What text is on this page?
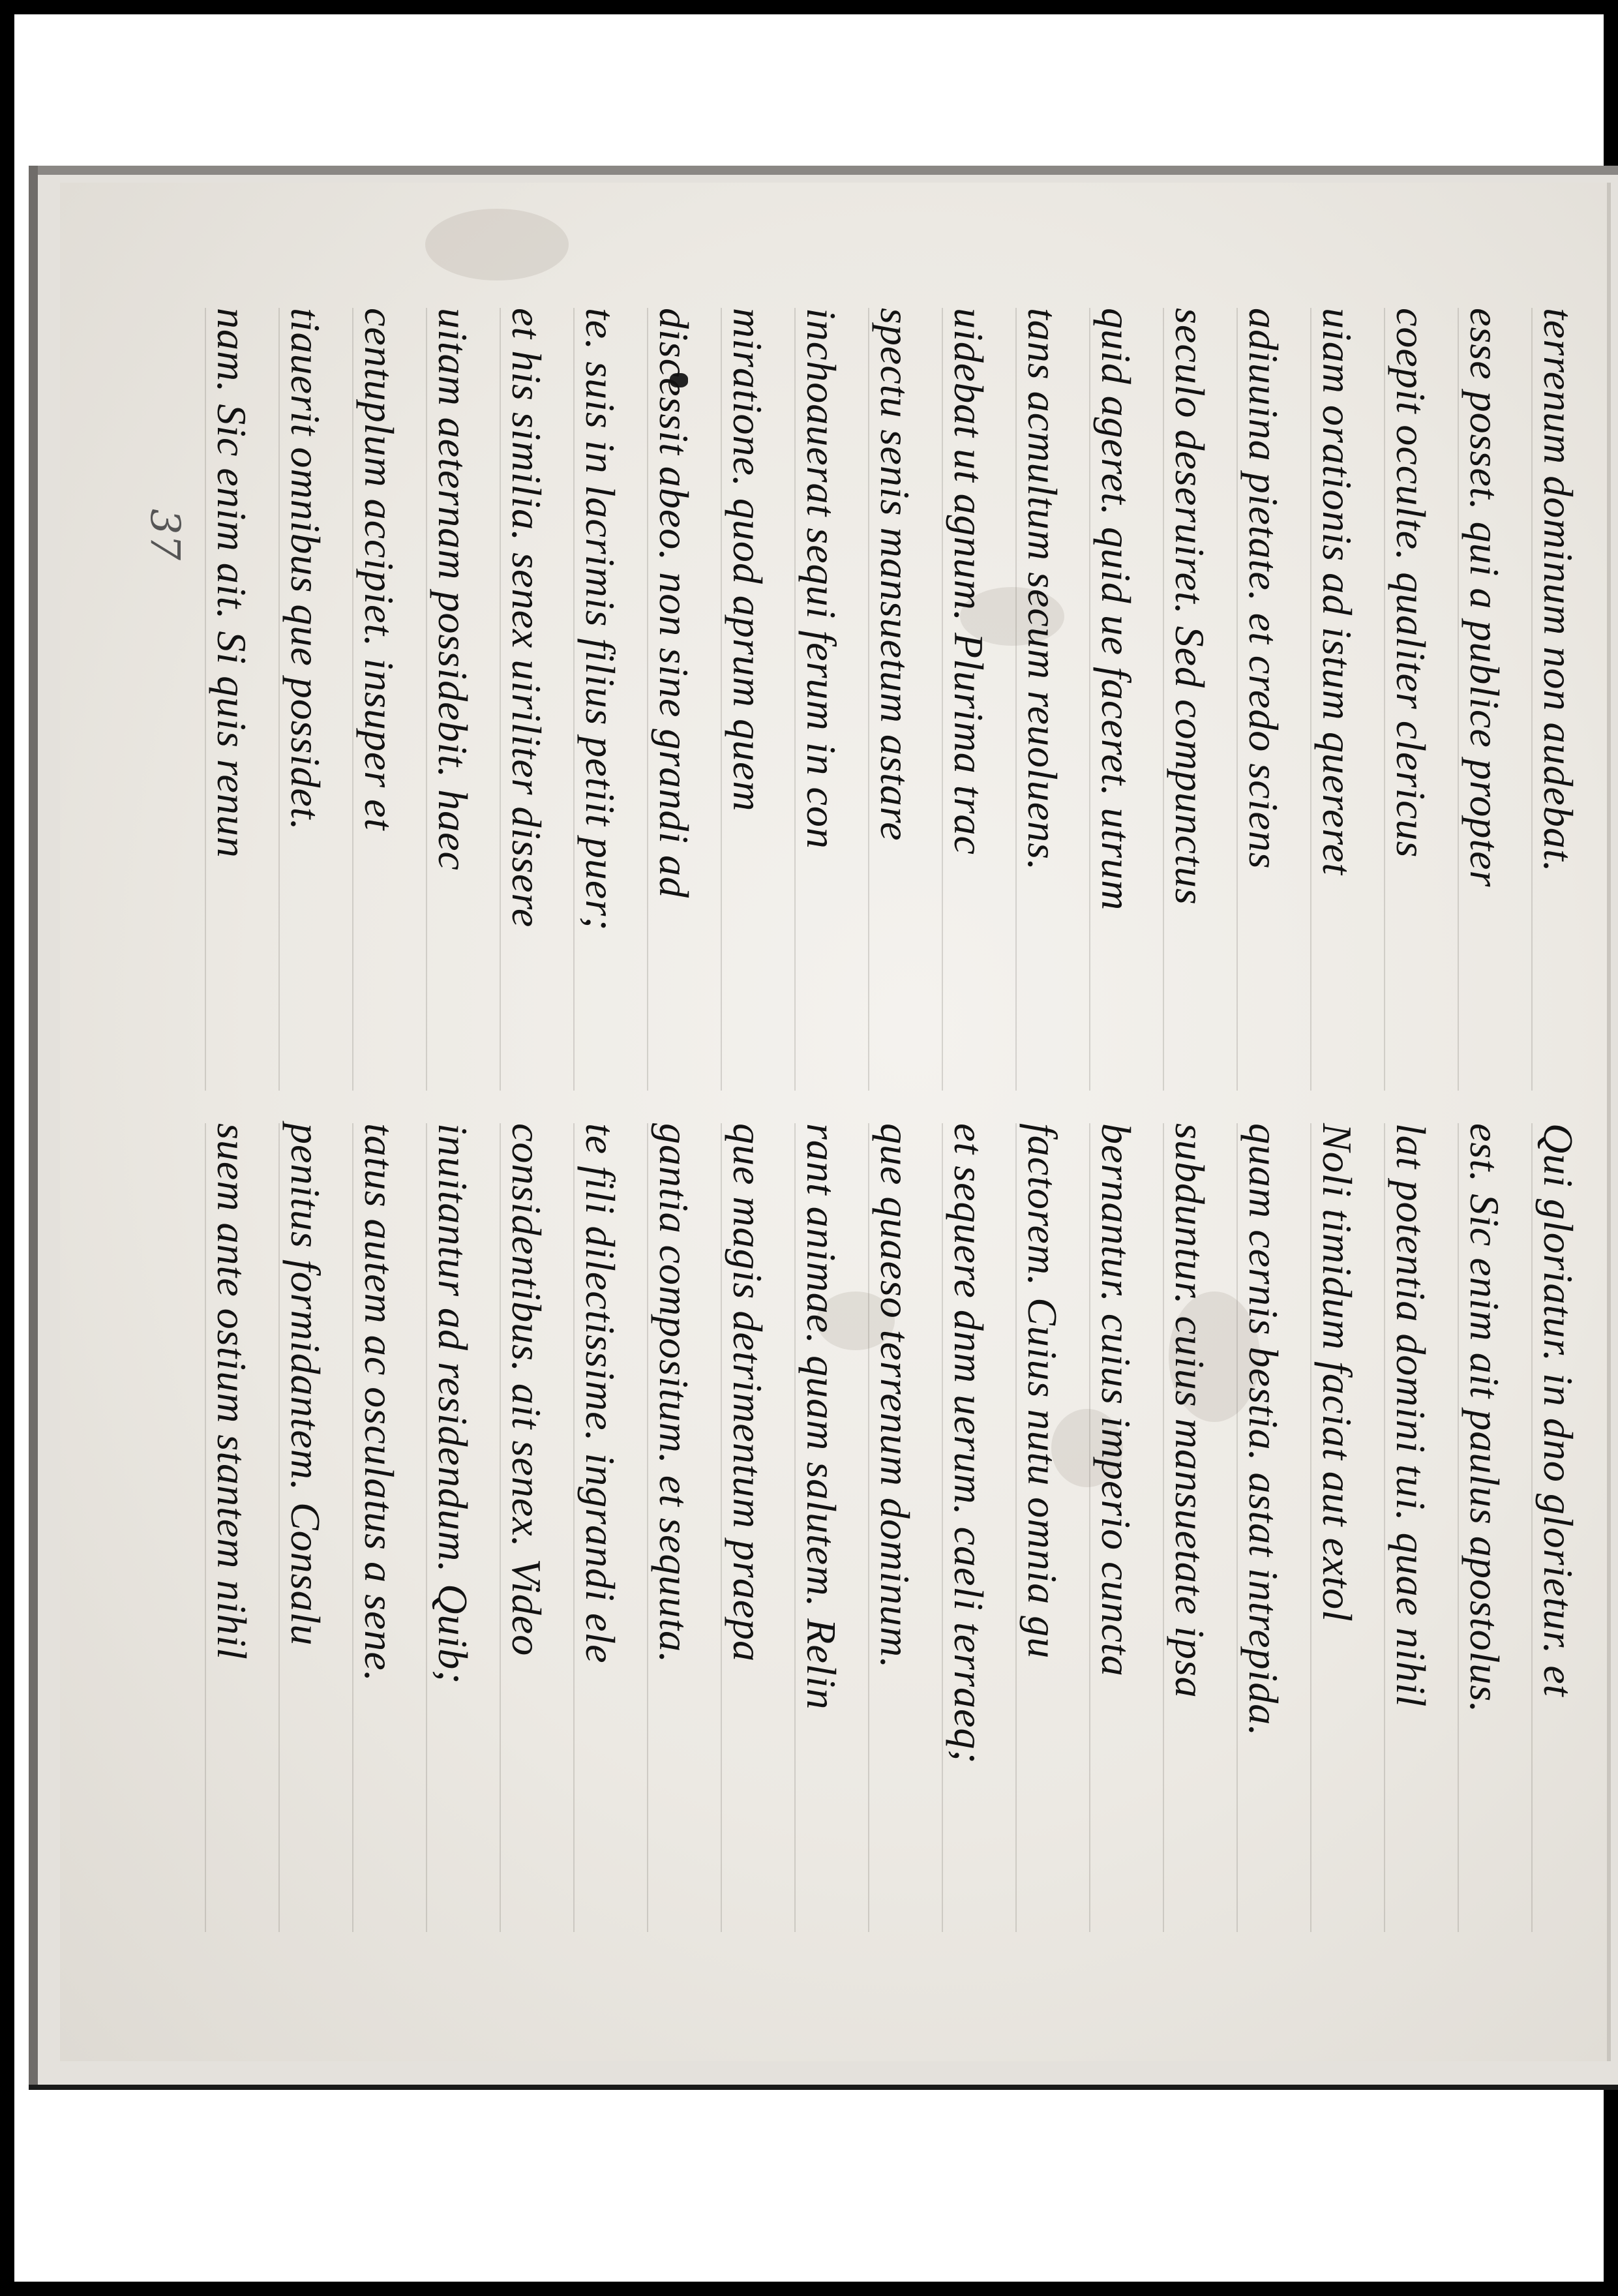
37 nam. Sic enim ait. Si quis renun tiauerit omnibus que possidet. centuplum accipiet. insuper et uitam aeternam possidebit. haec et his similia. senex uiriliter dissere te. suis in lacrimis filius petiit puer; discessit abeo. non sine grandi ad miratione. quod aprum quem inchoauerat sequi ferum in con spectu senis mansuetum astare uidebat ut agnum. Plurima trac tans acmultum secum reuoluens. quid ageret. quid ue faceret. utrum seculo deseruiret. Sed compunctus adiuuina pietate. et credo sciens uiam orationis ad istum quereret coepit occulte. qualiter clericus esse posset. qui a publice propter terrenum dominum non audebat.
suem ante ostium stantem nihil penitus formidantem. Consalu tatus autem ac osculatus a sene. inuitantur ad residendum. Quib; considentibus. ait senex. Video te fili dilectissime. ingrandi ele gantia compositum. et sequuta. que magis detrimentum praepa rant animae. quam salutem. Relin que quaeso terrenum dominum. et sequere dnm uerum. caeli terraeq; factorem. Cuius nutu omnia gu bernantur. cuius imperio cuncta subduntur. cuius mansuetate ipsa quam cernis bestia. astat intrepida. Noli timidum faciat aut extol lat potentia domini tui. quae nihil est. Sic enim ait paulus apostolus. Qui gloriatur. in dno glorietur. et
